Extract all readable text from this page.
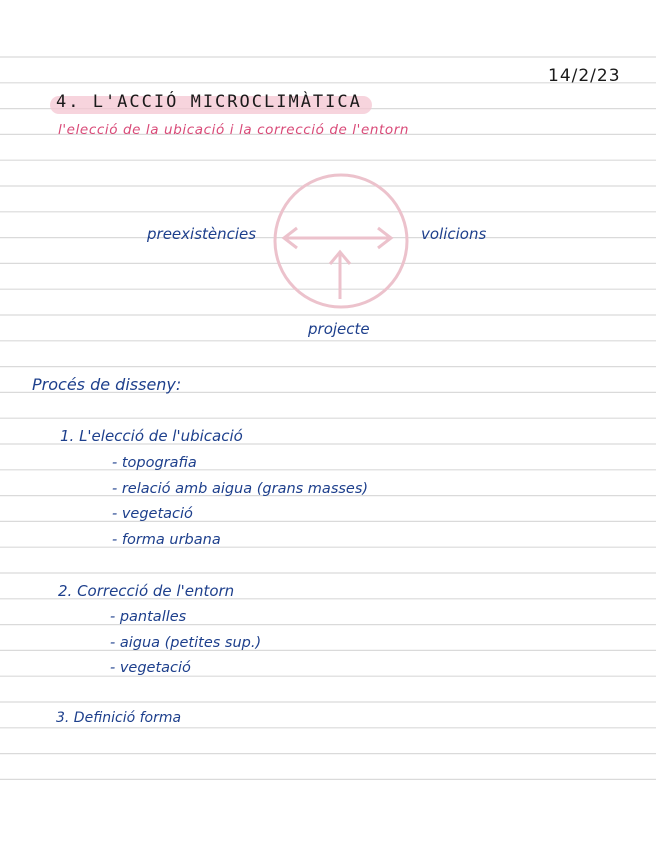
14/2/23
4. L'ACCIÓ MICROCLIMÀTICA
l'elecció de la ubicació i la correcció de l'entorn
preexistències	volicions
projecte
Procés de disseny:
1. L'elecció de l'ubicació
- topografia
- relació amb aigua (grans masses)
- vegetació
- forma urbana
2. Correcció de l'entorn
- pantalles
- aigua (petites sup.)
- vegetació
3. Definició forma
